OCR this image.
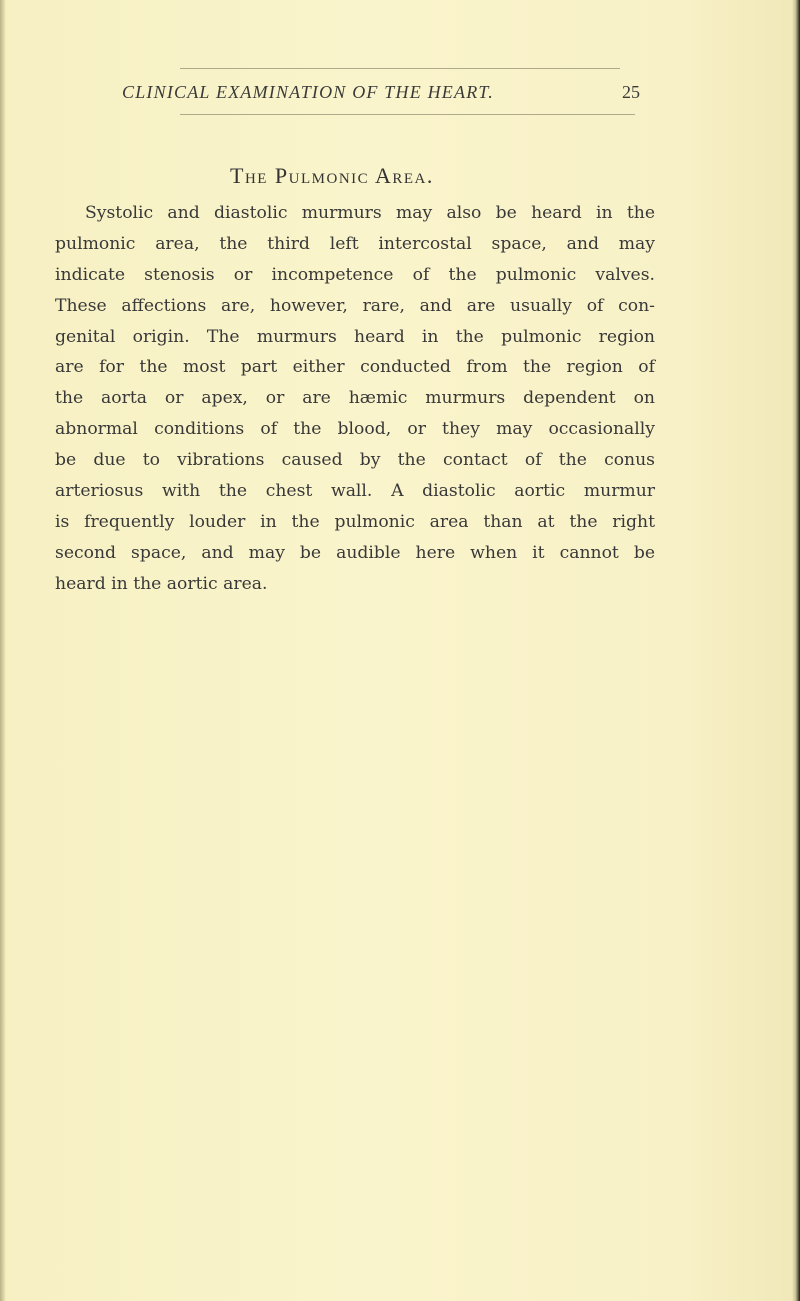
CLINICAL EXAMINATION OF THE HEART.	25
The Pulmonic Area.
Systolic and diastolic murmurs may also be heard in the
pulmonic area, the third left intercostal space, and may
indicate stenosis or incompetence of the pulmonic valves.
These affections are, however, rare, and are usually of con-
genital origin. The murmurs heard in the pulmonic region
are for the most part either conducted from the region of
the aorta or apex, or are hæmic murmurs dependent on
abnormal conditions of the blood, or they may occasionally
be due to vibrations caused by the contact of the conus
arteriosus with the chest wall. A diastolic aortic murmur
is frequently louder in the pulmonic area than at the right
second space, and may be audible here when it cannot be
heard in the aortic area.
